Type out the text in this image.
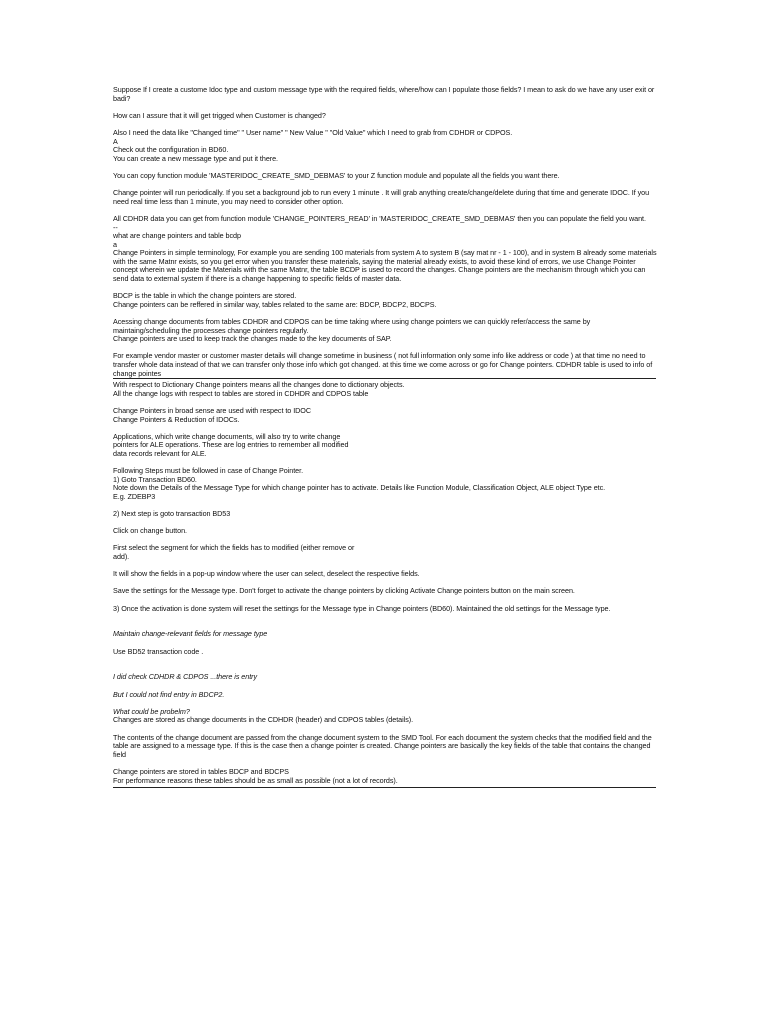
Suppose If I create a custome Idoc type and custom message type with the required fields, where/how can I populate those fields? I mean to ask do we have any user exit or badi?
How can I assure that it will get trigged when Customer is changed?
Also I need the data like "Changed time" " User name" " New Value " "Old Value" which I need to grab from CDHDR or CDPOS.
A
Check out the configuration in BD60.
You can create a new message type and put it there.
You can copy function module 'MASTERIDOC_CREATE_SMD_DEBMAS' to your Z function module and populate all the fields you want there.
Change pointer will run periodically. If you set a background job to run every 1 minute . It will grab anything create/change/delete during that time and generate IDOC. If you need real time less than 1 minute, you may need to consider other option.
All CDHDR data you can get from function module 'CHANGE_POINTERS_READ' in 'MASTERIDOC_CREATE_SMD_DEBMAS' then you can populate the field you want.
--
what are change pointers and table bcdp
a
Change Pointers in simple terminology, For example you are sending 100 materials from system A to system B (say mat nr - 1 - 100), and in system B already some materials with the same Matnr exists, so you get error when you transfer these materials, saying the material already exists, to avoid these kind of errors, we use Change Pointer concept wherein we update the Materials with the same Matnr, the table BCDP is used to record the changes. Change pointers are the mechanism through which you can send data to external system if there is a change happening to specific fields of master data.
BDCP is the table in which the change pointers are stored.
Change pointers can be reffered in similar way, tables related to the same are: BDCP, BDCP2, BDCPS.
Acessing change documents from tables CDHDR and CDPOS can be time taking where using change pointers we can quickly refer/access the same by maintaing/scheduling the processes change pointers regularly.
Change pointers are used to keep track the changes made to the key documents of SAP.
For example vendor master or customer master details will change sometime in business ( not full information only some info like address or code ) at that time no need to transfer whole data instead of that we can transfer only those info which got changed. at this time we come across or go for Change pointers. CDHDR table is used to info of change pointes
With respect to Dictionary Change pointers means all the changes done to dictionary objects.
All the change logs with respect to tables are stored in CDHDR and CDPOS table
Change Pointers in broad sense are used with respect to IDOC
Change Pointers & Reduction of IDOCs.
Applications, which write change documents, will also try to write change
pointers for ALE operations. These are log entries to remember all modified
data records relevant for ALE.
Following Steps must be followed in case of Change Pointer.
1) Goto Transaction BD60.
Note down the Details of the Message Type for which change pointer has to activate. Details like Function Module, Classification Object, ALE object Type etc.
E.g. ZDEBP3
2) Next step is goto transaction BD53
Click on change button.
First select the segment for which the fields has to modified (either remove or
add).
It will show the fields in a pop-up window where the user can select, deselect the respective fields.
Save the settings for the Message type. Don't forget to activate the change pointers by clicking Activate Change pointers button on the main screen.
3) Once the activation is done system will reset the settings for the Message type in Change pointers (BD60). Maintained the old settings for the Message type.

Maintain change-relevant fields for message type

Use BD52 transaction code .

I did check CDHDR & CDPOS ...there is entry
But I could not find entry in BDCP2.
What could be probelm?
Changes are stored as change documents in the CDHDR (header) and CDPOS tables (details).
The contents of the change document are passed from the change document system to the SMD Tool. For each document the system checks that the modified field and the table are assigned to a message type. If this is the case then a change pointer is created. Change pointers are basically the key fields of the table that contains the changed field
Change pointers are stored in tables BDCP and BDCPS
For performance reasons these tables should be as small as possible (not a lot of records).
